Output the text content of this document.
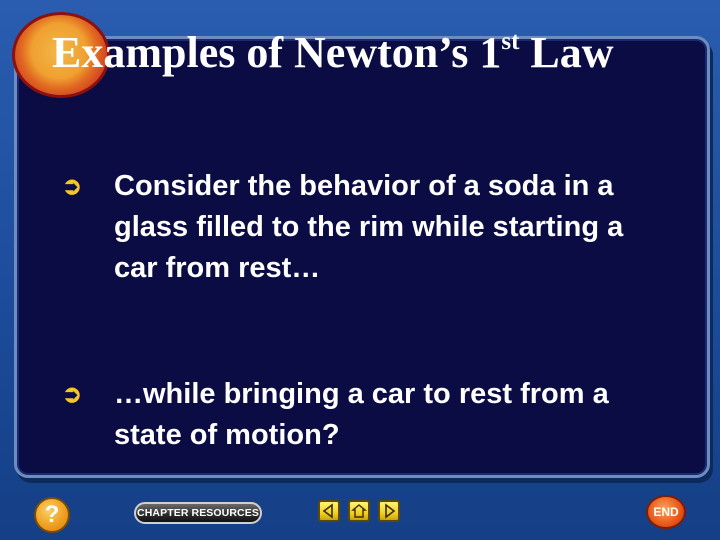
Examples of Newton’s 1st Law
➲	Consider the behavior of a soda in a glass filled to the rim while starting a car from rest…
➲	…while bringing a car to rest from a state of motion?
?	CHAPTER RESOURCES	END
